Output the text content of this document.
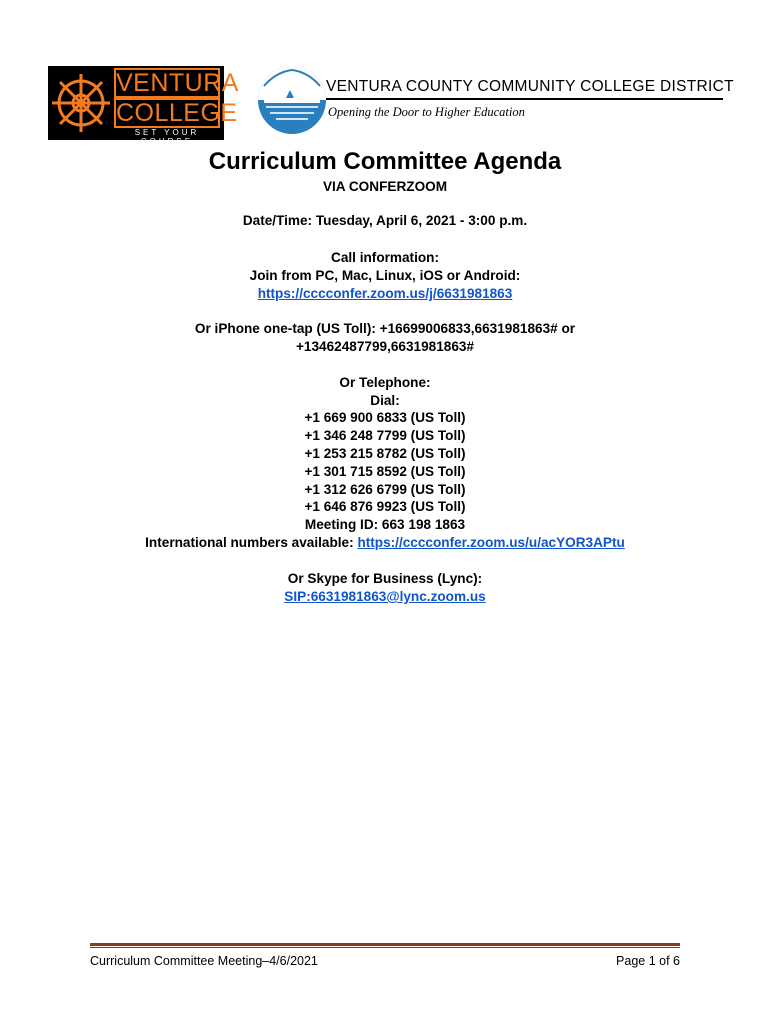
VENTURA
COLLEGE
SET YOUR COURSE
VENTURA COUNTY COMMUNITY COLLEGE DISTRICT
Opening the Door to Higher Education
Curriculum Committee Agenda
VIA CONFERZOOM
Date/Time: Tuesday, April 6, 2021 - 3:00 p.m.
Call information:
Join from PC, Mac, Linux, iOS or Android:
https://cccconfer.zoom.us/j/6631981863
Or iPhone one-tap (US Toll): +16699006833,6631981863# or
+13462487799,6631981863#
Or Telephone:
Dial:
+1 669 900 6833 (US Toll)
+1 346 248 7799 (US Toll)
+1 253 215 8782 (US Toll)
+1 301 715 8592 (US Toll)
+1 312 626 6799 (US Toll)
+1 646 876 9923 (US Toll)
Meeting ID: 663 198 1863
International numbers available: https://cccconfer.zoom.us/u/acYOR3APtu
Or Skype for Business (Lync):
SIP:6631981863@lync.zoom.us
Curriculum Committee Meeting–4/6/2021	Page 1 of 6
